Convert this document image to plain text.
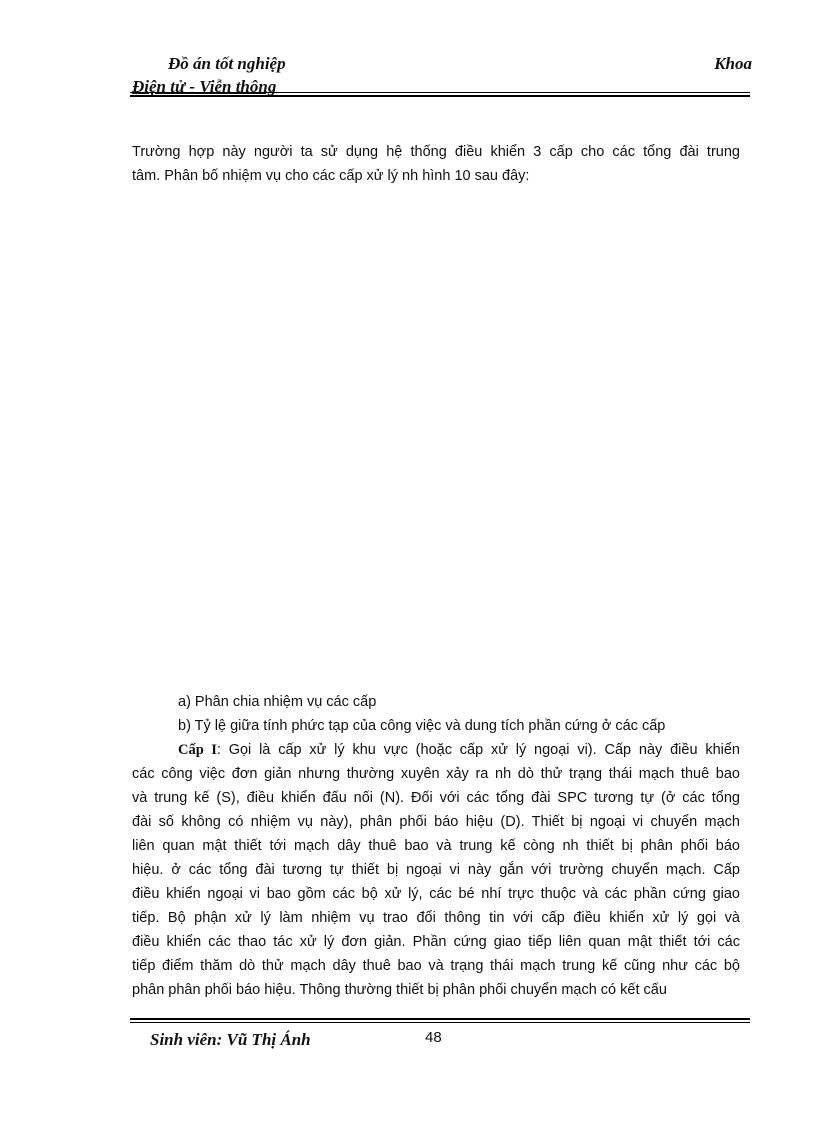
Đồ án tốt nghiệp	Khoa
Điện tử - Viễn thông
Trường hợp này người ta sử dụng hệ thống điều khiển 3 cấp cho các tổng đài trung
tâm. Phân bố nhiệm vụ cho các cấp xử lý nh hình 10 sau đây:
a) Phân chia nhiệm vụ các cấp
b) Tỷ lệ giữa tính phức tạp của công việc và dung tích phần cứng ở các cấp
Cấp I: Gọi là cấp xử lý khu vực (hoặc cấp xử lý ngoại vi). Cấp này điều khiển
các công việc đơn giản nhưng thường xuyên xảy ra nh dò thử trạng thái mạch thuê bao
và trung kế (S), điều khiển đấu nối (N). Đối với các tổng đài SPC tương tự (ở các tổng
đài số không có nhiệm vụ này), phân phối báo hiệu (D). Thiết bị ngoại vi chuyển mạch
liên quan mật thiết tới mạch dây thuê bao và trung kế còng nh thiết bị phân phối báo
hiệu. ở các tổng đài tương tự thiết bị ngoại vi này gắn với trường chuyển mạch. Cấp
điều khiển ngoại vi bao gồm các bộ xử lý, các bé nhí trực thuộc và các phần cứng giao
tiếp. Bộ phận xử lý làm nhiệm vụ trao đổi thông tin với cấp điều khiển xử lý gọi và
điều khiển các thao tác xử lý đơn giản. Phần cứng giao tiếp liên quan mật thiết tới các
tiếp điểm thăm dò thử mạch dây thuê bao và trạng thái mạch trung kế cũng như các bộ
phân phân phối báo hiệu. Thông thường thiết bị phân phối chuyển mạch có kết cấu
Sinh viên: Vũ Thị Ánh	48
